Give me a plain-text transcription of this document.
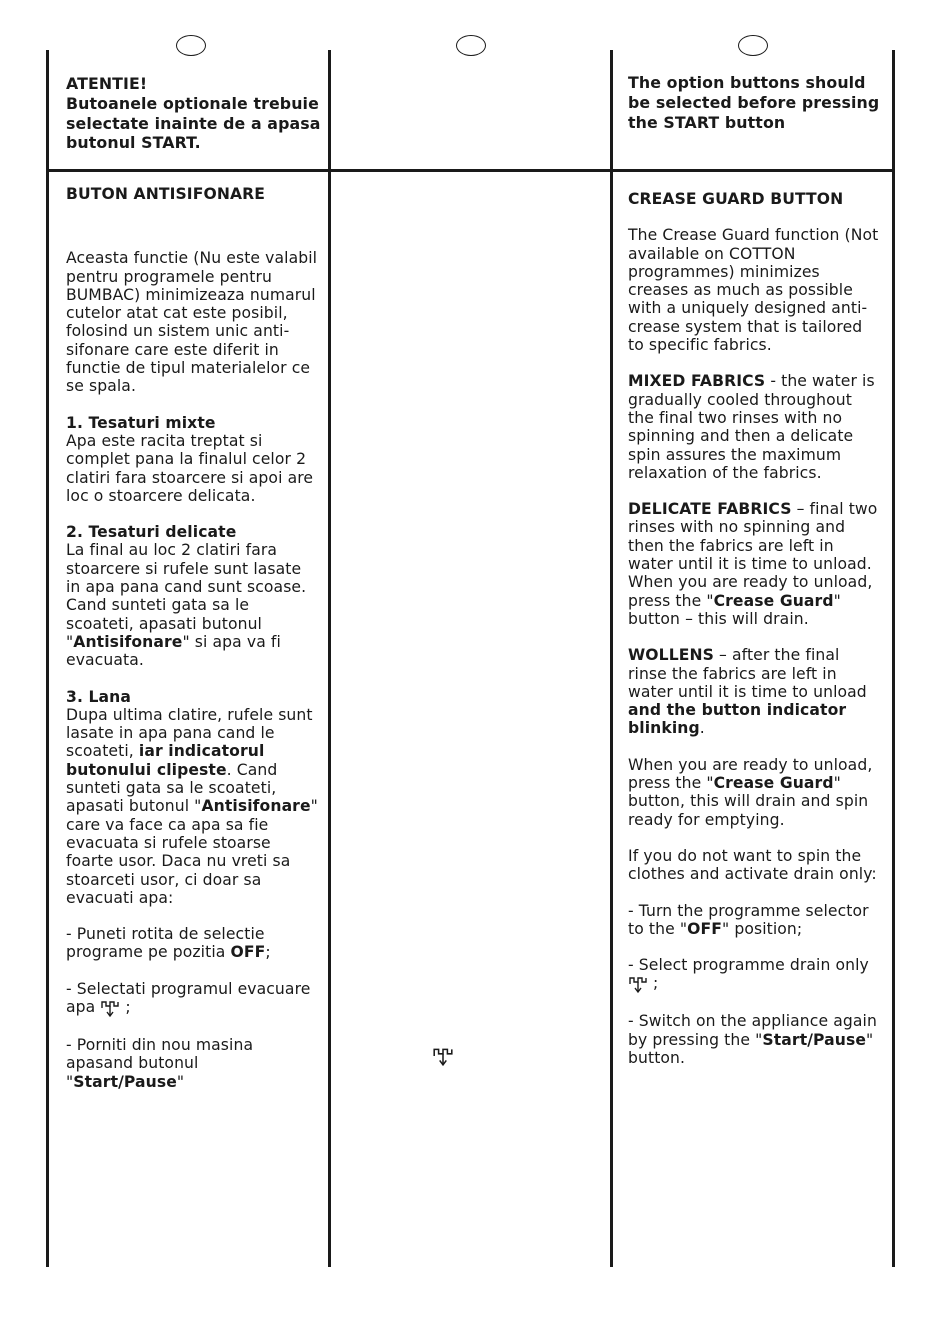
ATENTIE!
Butoanele optionale trebuie selectate inainte de a apasa butonul START.
The option buttons should be selected before pressing the START button

BUTON ANTISIFONARE

Aceasta functie (Nu este valabil pentru programele pentru BUMBAC) minimizeaza numarul cutelor atat cat este posibil, folosind un sistem unic anti-sifonare care este diferit in functie de tipul materialelor ce se spala.

1. Tesaturi mixte

Apa este racita treptat si complet pana la finalul celor 2 clatiri fara stoarcere si apoi are loc o stoarcere delicata.

2. Tesaturi delicate

La final au loc 2 clatiri fara stoarcere si rufele sunt lasate in apa pana cand sunt scoase. Cand sunteti gata sa le scoateti, apasati butonul "Antisifonare" si apa va fi evacuata.

3. Lana

Dupa ultima clatire, rufele sunt lasate in apa pana cand le scoateti, iar indicatorul butonului clipeste. Cand sunteti gata sa le scoateti, apasati butonul "Antisifonare" care va face ca apa sa fie evacuata si rufele stoarse foarte usor. Daca nu vreti sa stoarceti usor, ci doar sa evacuati apa:

- Puneti rotita de selectie programe pe pozitia OFF;

- Selectati programul evacuare apa  ;

- Porniti din nou masina apasand butonul
"Start/Pause"

CREASE GUARD BUTTON

The Crease Guard function (Not available on COTTON programmes) minimizes creases as much as possible with a uniquely designed anti-crease system that is tailored to specific fabrics.

MIXED FABRICS - the water is gradually cooled throughout the final two rinses with no spinning and then a delicate spin assures the maximum relaxation of the fabrics.

DELICATE FABRICS – final two rinses with no spinning and then the fabrics are left in water until it is time to unload. When you are ready to unload, press the "Crease Guard" button – this will drain.

WOLLENS – after the final rinse the fabrics are left in water until it is time to unload and the button indicator blinking.

When you are ready to unload, press the "Crease Guard" button, this will drain and spin ready for emptying.

If you do not want to spin the clothes and activate drain only:

- Turn the programme selector to the "OFF" position;

- Select programme drain only  ;

- Switch on the appliance again by pressing the "Start/Pause" button.
